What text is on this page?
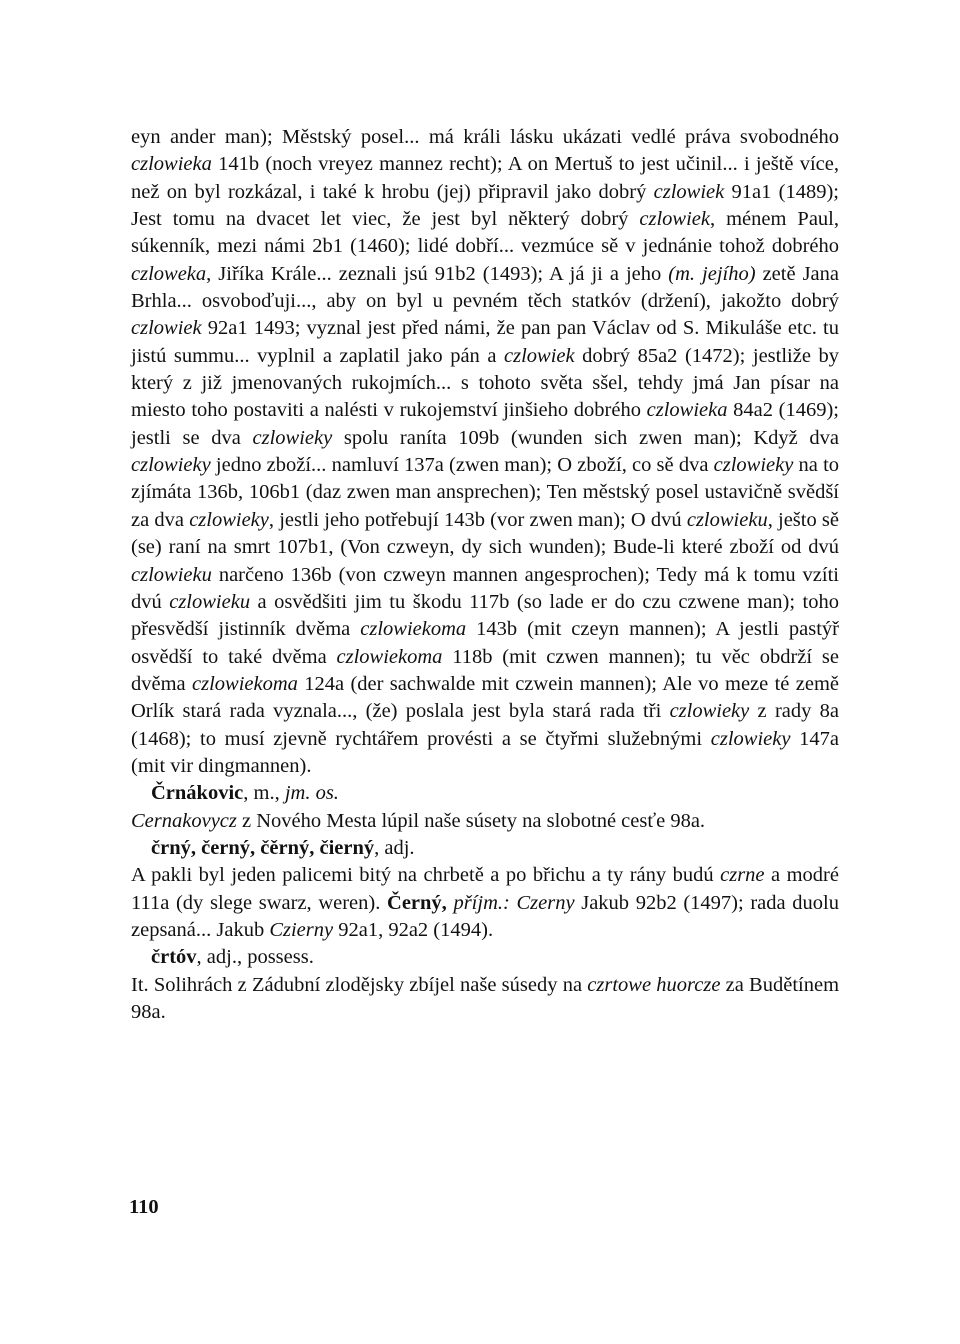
eyn ander man); Městský posel... má králi lásku ukázati vedlé práva svobodného czlowieka 141b (noch vreyez mannez recht); A on Mertuš to jest učinil... i ještě více, než on byl rozkázal, i také k hrobu (jej) připravil jako dobrý czlowiek 91a1 (1489); Jest tomu na dvacet let viec, že jest byl některý dobrý czlowiek, ménem Paul, súkenník, mezi námi 2b1 (1460); lidé dobří... vezmúce sě v jednánie tohož dobrého czloweka, Jiříka Krále... zeznali jsú 91b2 (1493); A já ji a jeho (m. jejího) zetě Jana Brhla... osvoboďuji..., aby on byl u pevném těch statkóv (držení), jakožto dobrý czlowiek 92a1 1493; vyznal jest před námi, že pan pan Václav od S. Mikuláše etc. tu jistú summu... vyplnil a zaplatil jako pán a czlowiek dobrý 85a2 (1472); jestliže by který z již jmenovaných rukojmích... s tohoto světa sšel, tehdy jmá Jan písar na miesto toho postaviti a nalésti v rukojemství jinšieho dobrého czlowieka 84a2 (1469); jestli se dva czlowieky spolu raníta 109b (wunden sich zwen man); Když dva czlowieky jedno zboží... namluví 137a (zwen man); O zboží, co sě dva czlowieky na to zjímáta 136b, 106b1 (daz zwen man ansprechen); Ten městský posel ustavičně svědší za dva czlowieky, jestli jeho potřebují 143b (vor zwen man); O dvú czlowieku, ješto sě (se) raní na smrt 107b1, (Von czweyn, dy sich wunden); Bude-li které zboží od dvú czlowieku narčeno 136b (von czweyn mannen angesprochen); Tedy má k tomu vzíti dvú czlowieku a osvědšiti jim tu škodu 117b (so lade er do czu czwene man); toho přesvědší jistinník dvěma czlowiekoma 143b (mit czeyn mannen); A jestli pastýř osvědší to také dvěma czlowiekoma 118b (mit czwen mannen); tu věc obdrží se dvěma czlowiekoma 124a (der sachwalde mit czwein mannen); Ale vo meze té země Orlík stará rada vyznala..., (že) poslala jest byla stará rada tři czlowieky z rady 8a (1468); to musí zjevně rychtářem provésti a se čtyřmi služebnými czlowieky 147a (mit vir dingmannen).

Črnákovic, m., jm. os.

Cernakovycz z Nového Mesta lúpil naše súsety na slobotné cesťe 98a.

črný, černý, čěrný, čierný, adj.

A pakli byl jeden palicemi bitý na chrbetě a po břichu a ty rány budú czrne a modré 111a (dy slege swarz, weren). Černý, příjm.: Czerny Jakub 92b2 (1497); rada duolu zepsaná... Jakub Czierny 92a1, 92a2 (1494).

črtóv, adj., possess.

It. Solihrách z Zádubní zlodějsky zbíjel naše súsedy na czrtowe huorcze za Budětínem 98a.

110
